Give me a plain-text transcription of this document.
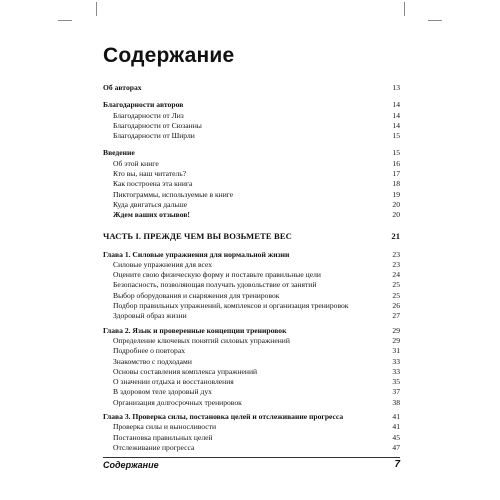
Содержание
Об авторах	13
Благодарности авторов	14
Благодарности от Лиз	14
Благодарности от Сюзанны	14
Благодарности от Ширли	15
Введение	15
Об этой книге	16
Кто вы, наш читатель?	17
Как построена эта книга	18
Пиктограммы, используемые в книге	19
Куда двигаться дальше	20
Ждем ваших отзывов!	20
ЧАСТЬ I. ПРЕЖДЕ ЧЕМ ВЫ ВОЗЬМЕТЕ ВЕС	21
Глава 1. Силовые упражнения для нормальной жизни	23
Силовые упражнения для всех	23
Оцените свою физическую форму и поставьте правильные цели	24
Безопасность, позволяющая получать удовольствие от занятий	25
Выбор оборудования и снаряжения для тренировок	25
Подбор правильных упражнений, комплексов и организация тренировок	26
Здоровый образ жизни	27
Глава 2. Язык и проверенные концепции тренировок	29
Определение ключевых понятий силовых упражнений	29
Подробнее о повторах	31
Знакомство с подходами	33
Основы составления комплекса упражнений	33
О значении отдыха и восстановления	35
В здоровом теле здоровый дух	37
Организация долгосрочных тренировок	38
Глава 3. Проверка силы, постановка целей и отслеживание прогресса	41
Проверка силы и выносливости	41
Постановка правильных целей	45
Отслеживание прогресса	47
Содержание	7
